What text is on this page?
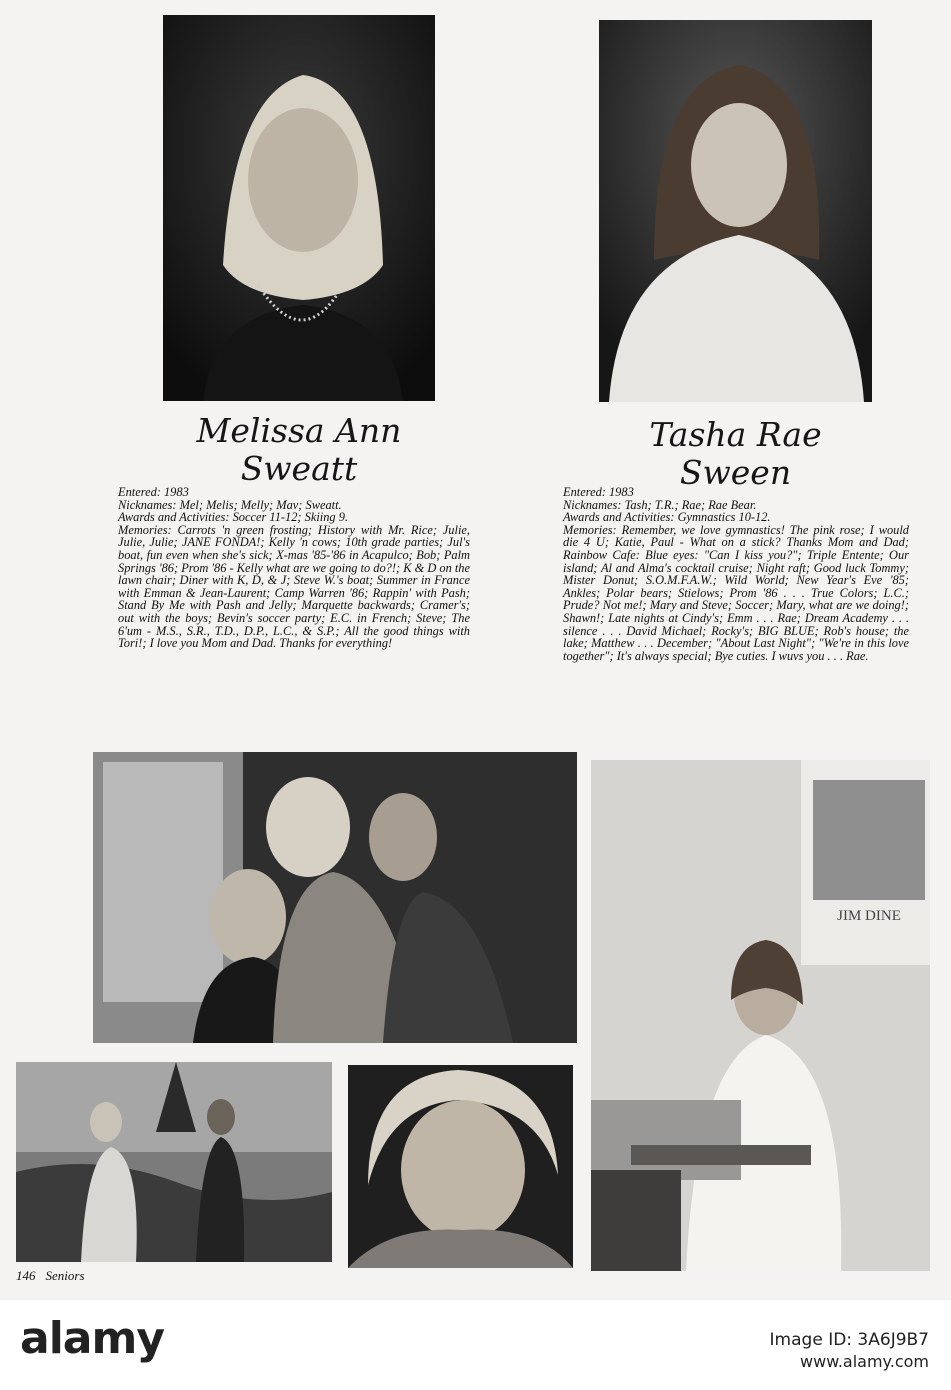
Melissa Ann
Sweatt
Tasha Rae
Sween
Entered: 1983
Nicknames: Mel; Melis; Melly; Mav; Sweatt.
Awards and Activities: Soccer 11-12; Skiing 9.
Memories: Carrots 'n green frosting; History with Mr. Rice; Julie, Julie, Julie; JANE FONDA!; Kelly 'n cows; 10th grade parties; Jul's boat, fun even when she's sick; X-mas '85-'86 in Acapulco; Bob; Palm Springs '86; Prom '86 - Kelly what are we going to do?!; K & D on the lawn chair; Diner with K, D, & J; Steve W.'s boat; Summer in France with Emman & Jean-Laurent; Camp Warren '86; Rappin' with Pash; Stand By Me with Pash and Jelly; Marquette backwards; Cramer's; out with the boys; Bevin's soccer party; E.C. in French; Steve; The 6'um - M.S., S.R., T.D., D.P., L.C., & S.P.; All the good things with Tori!; I love you Mom and Dad. Thanks for everything!
Entered: 1983
Nicknames: Tash; T.R.; Rae; Rae Bear.
Awards and Activities: Gymnastics 10-12.
Memories: Remember, we love gymnastics! The pink rose; I would die 4 U; Katie, Paul - What on a stick? Thanks Mom and Dad; Rainbow Cafe: Blue eyes: "Can I kiss you?"; Triple Entente; Our island; Al and Alma's cocktail cruise; Night raft; Good luck Tommy; Mister Donut; S.O.M.F.A.W.; Wild World; New Year's Eve '85; Ankles; Polar bears; Stielows; Prom '86 . . . True Colors; L.C.; Prude? Not me!; Mary and Steve; Soccer; Mary, what are we doing!; Shawn!; Late nights at Cindy's; Emm . . . Rae; Dream Academy . . . silence . . . David Michael; Rocky's; BIG BLUE; Rob's house; the lake; Matthew . . . December; "About Last Night"; "We're in this love together"; It's always special; Bye cuties. I wuvs you . . . Rae.
JIM DINE
146 Seniors
alamy	Image ID: 3A6J9B7
www.alamy.com
